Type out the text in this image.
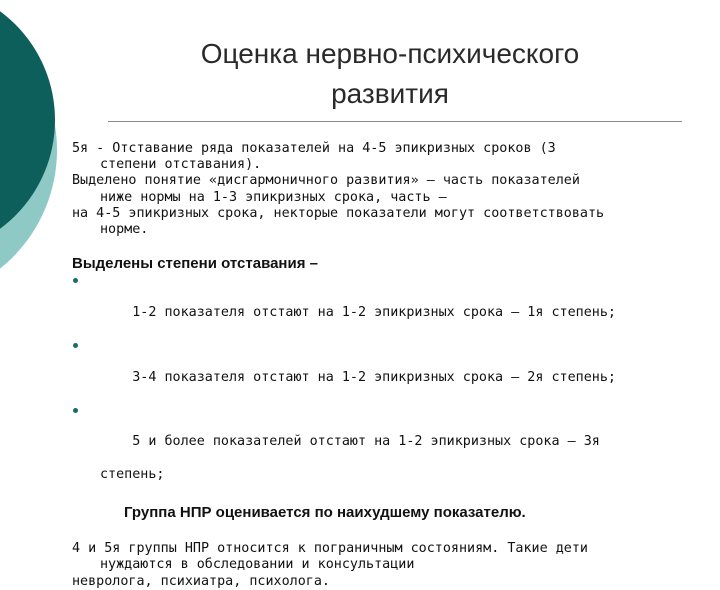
Оценка нервно-психического
развития
5я - Отставание ряда показателей на 4-5 эпикризных сроков (3
степени отставания).
Выделено понятие «дисгармоничного развития» – часть показателей
ниже нормы на 1-3 эпикризных срока, часть –
на 4-5 эпикризных срока, некторые показатели могут соответствовать
норме.
Выделены степени отставания –

1-2 показателя отстают на 1-2 эпикризных срока – 1я степень;

3-4 показателя отстают на 1-2 эпикризных срока – 2я степень;

5 и более показателей отстают на 1-2 эпикризных срока – 3я

степень;
Группа НПР оценивается по наихудшему показателю.
4 и 5я группы НПР относится к пограничным состояниям. Такие дети
нуждаются в обследовании и консультации
невролога, психиатра, психолога.
